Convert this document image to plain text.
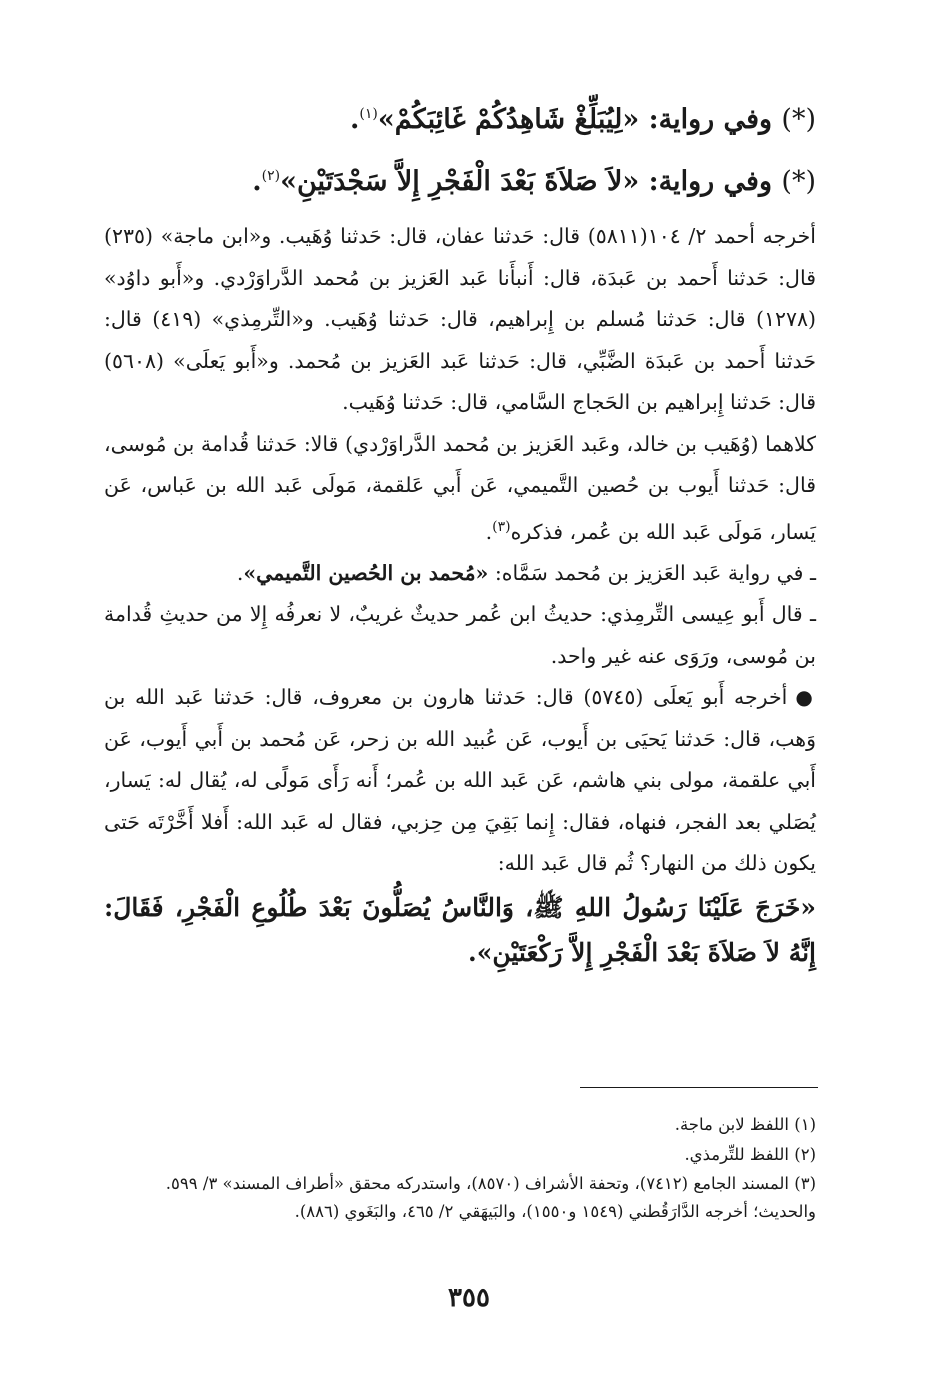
(*) وفي رواية: «لِيُبَلِّغْ شَاهِدُكُمْ غَائِبَكُمْ»$^{(١)}$.

(*) وفي رواية: «لاَ صَلاَةَ بَعْدَ الْفَجْرِ إِلاَّ سَجْدَتَيْنِ»$^{(٢)}$.

أخرجه أحمد ٢/ ١٠٤(٥٨١١) قال: حَدثنا عفان، قال: حَدثنا وُهَيب. و«ابن ماجة» (٢٣٥) قال: حَدثنا أَحمد بن عَبدَة، قال: أَنبأَنا عَبد العَزيز بن مُحمد الدَّراوَرْدي. و«أَبو داوُد» (١٢٧٨) قال: حَدثنا مُسلم بن إِبراهيم، قال: حَدثنا وُهَيب. و«التِّرمِذي» (٤١٩) قال: حَدثنا أَحمد بن عَبدَة الضَّبِّي، قال: حَدثنا عَبد العَزيز بن مُحمد. و«أَبو يَعلَى» (٥٦٠٨) قال: حَدثنا إِبراهيم بن الحَجاج السَّامي، قال: حَدثنا وُهَيب.

كلاهما (وُهَيب بن خالد، وعَبد العَزيز بن مُحمد الدَّراوَرْدي) قالا: حَدثنا قُدامة بن مُوسى، قال: حَدثنا أَيوب بن حُصين التَّميمي، عَن أَبي عَلقمة، مَولَى عَبد الله بن عَباس، عَن يَسار، مَولَى عَبد الله بن عُمر، فذكره$^{(٣)}$.

ـ في رواية عَبد العَزيز بن مُحمد سَمَّاه: «مُحمد بن الحُصين التَّميمي».

ـ قال أَبو عِيسى التِّرمِذي: حديثُ ابن عُمر حديثٌ غريبٌ، لا نعرفُه إِلا من حديثِ قُدامة بن مُوسى، ورَوَى عنه غير واحد.

●أخرجه أَبو يَعلَى (٥٧٤٥) قال: حَدثنا هارون بن معروف، قال: حَدثنا عَبد الله بن وَهب، قال: حَدثنا يَحيَى بن أَيوب، عَن عُبيد الله بن زحر، عَن مُحمد بن أَبي أَيوب، عَن أَبي علقمة، مولى بني هاشم، عَن عَبد الله بن عُمر؛ أَنه رَأَى مَولًى له، يُقال له: يَسار، يُصَلي بعد الفجر، فنهاه، فقال: إِنما بَقِيَ مِن حِزبي، فقال له عَبد الله: أَفلا أَخَّرْتَه حَتى يكون ذلك من النهار؟ ثُم قال عَبد الله:

«خَرَجَ عَلَيْنَا رَسُولُ اللهِ ﷺ، وَالنَّاسُ يُصَلُّونَ بَعْدَ طُلُوعِ الْفَجْرِ، فَقَالَ: إِنَّهُ لاَ صَلاَةَ بَعْدَ الْفَجْرِ إِلاَّ رَكْعَتَيْنِ».

(١) اللفظ لابن ماجة.

(٢) اللفظ للتِّرمذي.

(٣) المسند الجامع (٧٤١٢)، وتحفة الأشراف (٨٥٧٠)، واستدركه محقق «أطراف المسند» ٣/ ٥٩٩.

والحديث؛ أخرجه الدَّارَقُطني (١٥٤٩ و١٥٥٠)، والبَيهَقي ٢/ ٤٦٥، والبَغَوي (٨٨٦).

٣٥٥
